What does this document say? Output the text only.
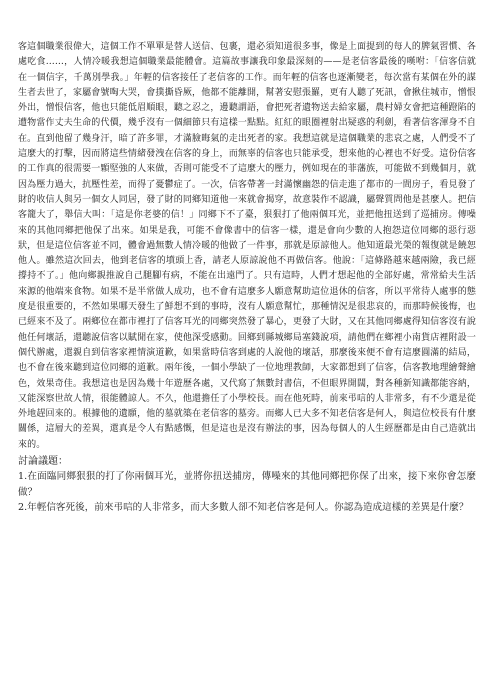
客這個職業很偉大，這個工作不單單是替人送信、包裹，還必須知道很多事，像是上面提到的每人的脾氣習慣、各處吃食……，人情冷暖我想這個職業最能體會。這篇故事讓我印象最深刻的——是老信客最後的嘆咐：「信客信就在一個信字，千萬別學我。」年輕的信客接任了老信客的工作。而年輕的信客也逐漸變老，每次當有某個在外的謀生者去世了，家屬會號啕大哭，會撲撕昏厥，他都不能離開，幫著安慰張羅，更有人聽了死訊，會揪住城市，憎恨外出，憎恨信客，他也只能低眉順眼，聽之忍之，邊聽謂語，會把死者遺物送去給家屬，農村婦女會把這種蹬陷的遭物當作丈夫生命的代價，幾乎沒有一個細節只有這樣一點點。紅紅的眼圈裡射出疑惑的利劍，看著信客渾身不自在。直到他留了幾身汗，暗了許多罪，才滿臉晦氣的走出死者的家。我想這就是這個職業的悲哀之處，人們受不了這麼大的打擊，因而將這些情緒發洩在信客的身上，而無辜的信客也只能承受，想來他的心裡也不好受。這份信客的工作真的很需要一顆堅強的人來做，否則可能受不了這麼大的壓力，例如現在的菲藩族，可能做不到幾個月，就因為壓力過大，抗壓性差，而得了憂鬱症了。一次，信客帶著一封滿懷幽怨的信走進了都市的一間房子，看見發了財的收信人與另一個女人同居，發了財的同鄉知道他一來就會揭穿，故意裝作不認識，屬聲質問他是甚麼人。把信客籠大了，舉信大叫：「這是你老婆的信！」同鄉下不了臺，狠狠打了他兩個耳光，並把他扭送到了巡捕房。傳噪來的其他同鄉把他保了出來。如果是我，可能不會像書中的信客一樣，還是會向少數的人抱怨這位同鄉的惡行惡狀，但是這位信客並不同，體會過無數人情冷暖的他做了一件事，那就是原諒他人。他知道最光榮的報復就是饒恕他人。雖然這次回去，他到老信客的墳頭上香，請老人原諒說他不再做信客。他說：「這條路越來越兩險，我已經撐持不了。」他向鄉親推說自己腿腳有病，不能在出遠門了。只有這時，人們才想起他的全部好處，常常給夫生活來源的他端來食物。如果不是半常做人成功，也不會有這麼多人願意幫助這位退休的信客，所以平常待人處事的態度是很重要的，不然如果哪天發生了鮮想不到的事時，沒有人願意幫忙，那種情況是很悲哀的，而那時候後悔，也已經來不及了。兩鄉位在都市裡打了信客耳光的同鄉突然發了暴心，更發了大財，又在其他同鄉處得知信客沒有說他任何壞話，還聽說信客以賦閒在家，使他深受感動。回鄉到縣城鄉局塞錢說項，請他們在鄉裡小南貨店裡附設一個代辦處，還親自到信客家裡情演道歉，如果當時信客到處的人說他的壞話，那麼後來便不會有這麼圓滿的結局，也不會在後來聽到這位同鄉的道歉。兩年後，一個小學缺了一位地理教師，大家都想到了信客，信客教地理繪聲繪色，效果奇佳。我想這也是因為幾十年遊歷各處，又代寫了無數封書信，不但眼界開闊，對各種新知識都能容納，又能深察世故人情，很能體諒人。不久，他還擔任了小學校長。而在他死時，前來弔唁的人非常多，有不少還是從外地趕回來的。根據他的遺願，他的墓就築在老信客的墓旁。而鄉人已大多不知老信客是何人，與這位校長有什麼關係，這層大的差異，還真是令人有點感慨，但是這也是沒有辦法的事，因為每個人的人生經歷都是由自己造就出來的。

討論議題：

1.在面臨同鄉狠狠的打了你兩個耳光，並將你扭送捕房，傳噪來的其他同鄉把你保了出來，接下來你會怎麼做？

2.年輕信客死後，前來弔唁的人非常多，而大多數人卻不知老信客是何人。你認為造成這樣的差異是什麼？
